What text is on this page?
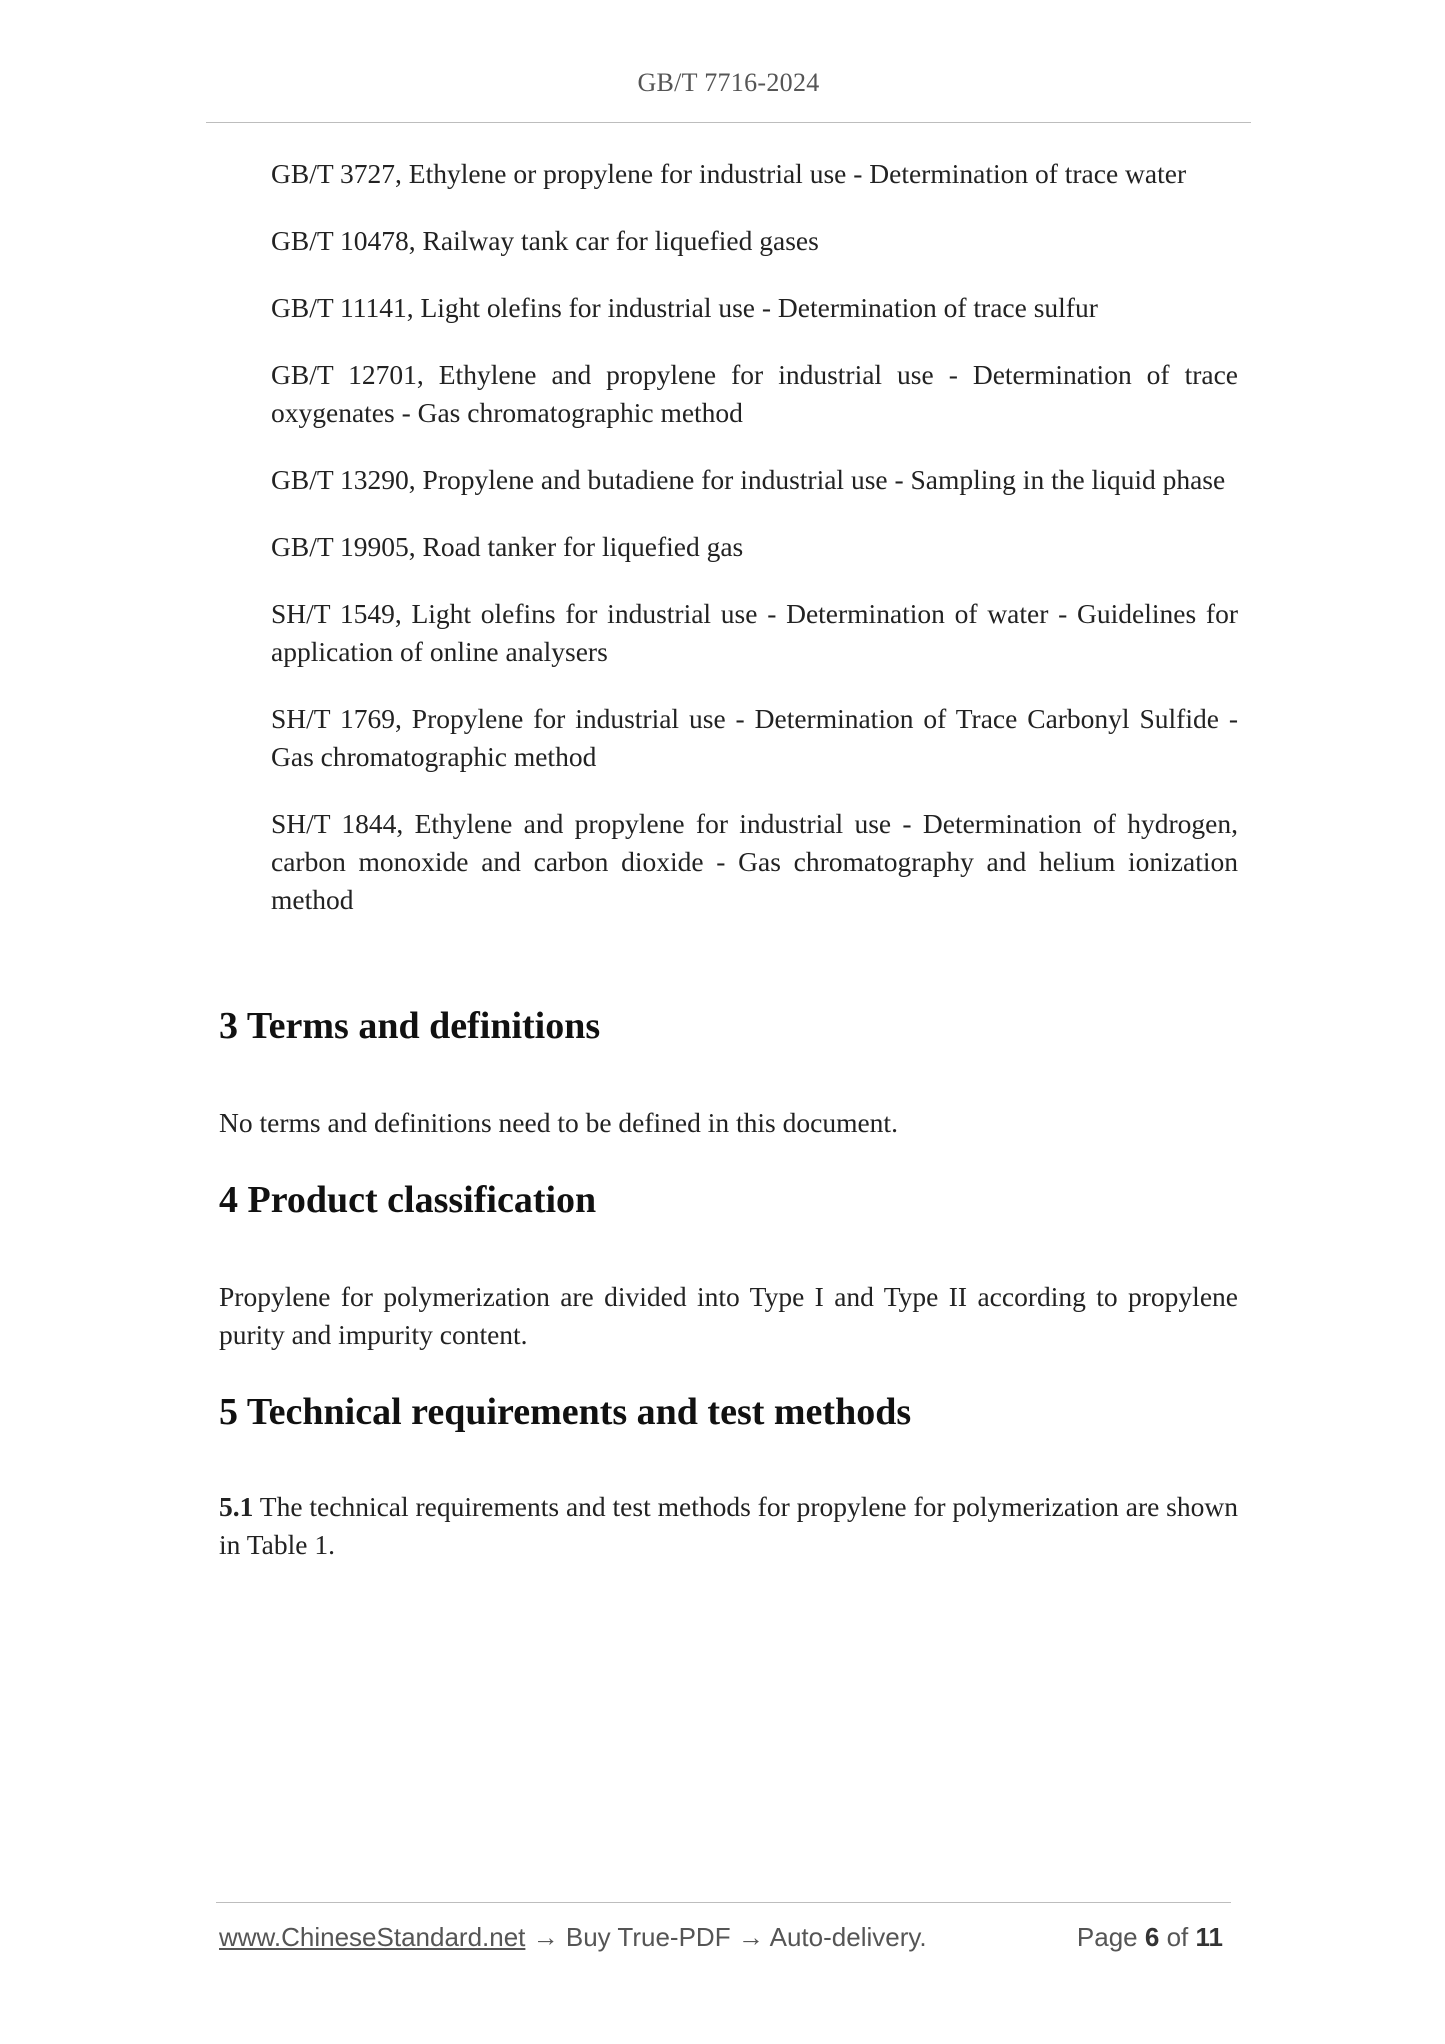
GB/T 7716-2024
GB/T 3727, Ethylene or propylene for industrial use - Determination of trace water
GB/T 10478, Railway tank car for liquefied gases
GB/T 11141, Light olefins for industrial use - Determination of trace sulfur
GB/T 12701, Ethylene and propylene for industrial use - Determination of trace oxygenates - Gas chromatographic method
GB/T 13290, Propylene and butadiene for industrial use - Sampling in the liquid phase
GB/T 19905, Road tanker for liquefied gas
SH/T 1549, Light olefins for industrial use - Determination of water - Guidelines for application of online analysers
SH/T 1769, Propylene for industrial use - Determination of Trace Carbonyl Sulfide - Gas chromatographic method
SH/T 1844, Ethylene and propylene for industrial use - Determination of hydrogen, carbon monoxide and carbon dioxide - Gas chromatography and helium ionization method
3 Terms and definitions

No terms and definitions need to be defined in this document.

4 Product classification

Propylene for polymerization are divided into Type I and Type II according to propylene purity and impurity content.

5 Technical requirements and test methods

5.1 The technical requirements and test methods for propylene for polymerization are shown in Table 1.

www.ChineseStandard.net → Buy True-PDF → Auto-delivery.	Page 6 of 11
